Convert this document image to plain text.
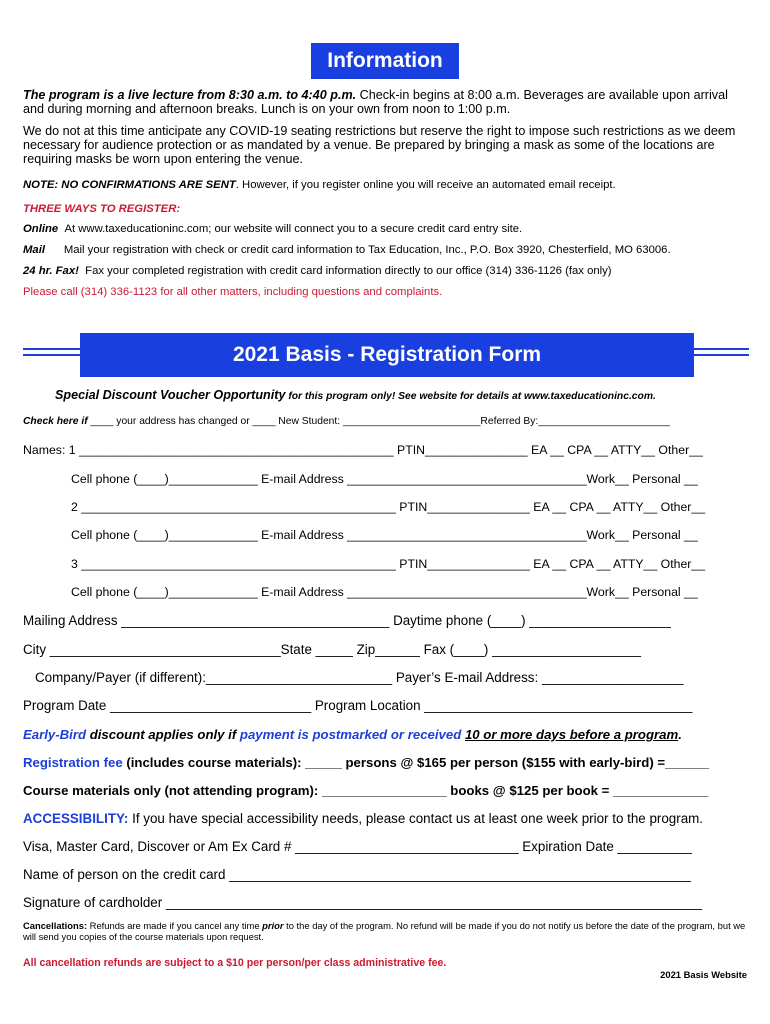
Information
The program is a live lecture from 8:30 a.m. to 4:40 p.m. Check-in begins at 8:00 a.m. Beverages are available upon arrival and during morning and afternoon breaks. Lunch is on your own from noon to 1:00 p.m.
We do not at this time anticipate any COVID-19 seating restrictions but reserve the right to impose such restrictions as we deem necessary for audience protection or as mandated by a venue. Be prepared by bringing a mask as some of the locations are requiring masks be worn upon entering the venue.
NOTE: NO CONFIRMATIONS ARE SENT. However, if you register online you will receive an automated email receipt.
THREE WAYS TO REGISTER:
Online At www.taxeducationinc.com; our website will connect you to a secure credit card entry site.
Mail Mail your registration with check or credit card information to Tax Education, Inc., P.O. Box 3920, Chesterfield, MO 63006.
24 hr. Fax! Fax your completed registration with credit card information directly to our office (314) 336-1126 (fax only)
Please call (314) 336-1123 for all other matters, including questions and complaints.
2021 Basis - Registration Form
Special Discount Voucher Opportunity for this program only! See website for details at www.taxeducationinc.com.
Check here if ____ your address has changed or ____ New Student: ________________________Referred By:_______________________
Names: 1 ______________________________________________ PTIN_______________ EA __ CPA __ ATTY__ Other__
Cell phone (____)_____________ E-mail Address ___________________________________Work__ Personal __
2 ______________________________________________ PTIN_______________ EA __ CPA __ ATTY__ Other__
Cell phone (____)_____________ E-mail Address ___________________________________Work__ Personal __
3 ______________________________________________ PTIN_______________ EA __ CPA __ ATTY__ Other__
Cell phone (____)_____________ E-mail Address ___________________________________Work__ Personal __
Mailing Address ____________________________________ Daytime phone (____) ___________________
City _______________________________State _____ Zip______ Fax (____) ____________________
Company/Payer (if different):_________________________ Payer’s E-mail Address: ___________________
Program Date ___________________________ Program Location ____________________________________
Early-Bird discount applies only if payment is postmarked or received 10 or more days before a program.
Registration fee (includes course materials): _____ persons @ $165 per person ($155 with early-bird) =______
Course materials only (not attending program): _________________ books @ $125 per book = _____________
ACCESSIBILITY: If you have special accessibility needs, please contact us at least one week prior to the program.
Visa, Master Card, Discover or Am Ex Card # ______________________________ Expiration Date __________
Name of person on the credit card ______________________________________________________________
Signature of cardholder ________________________________________________________________________
Cancellations: Refunds are made if you cancel any time prior to the day of the program. No refund will be made if you do not notify us before the date of the program, but we will send you copies of the course materials upon request.
All cancellation refunds are subject to a $10 per person/per class administrative fee.
2021 Basis Website
